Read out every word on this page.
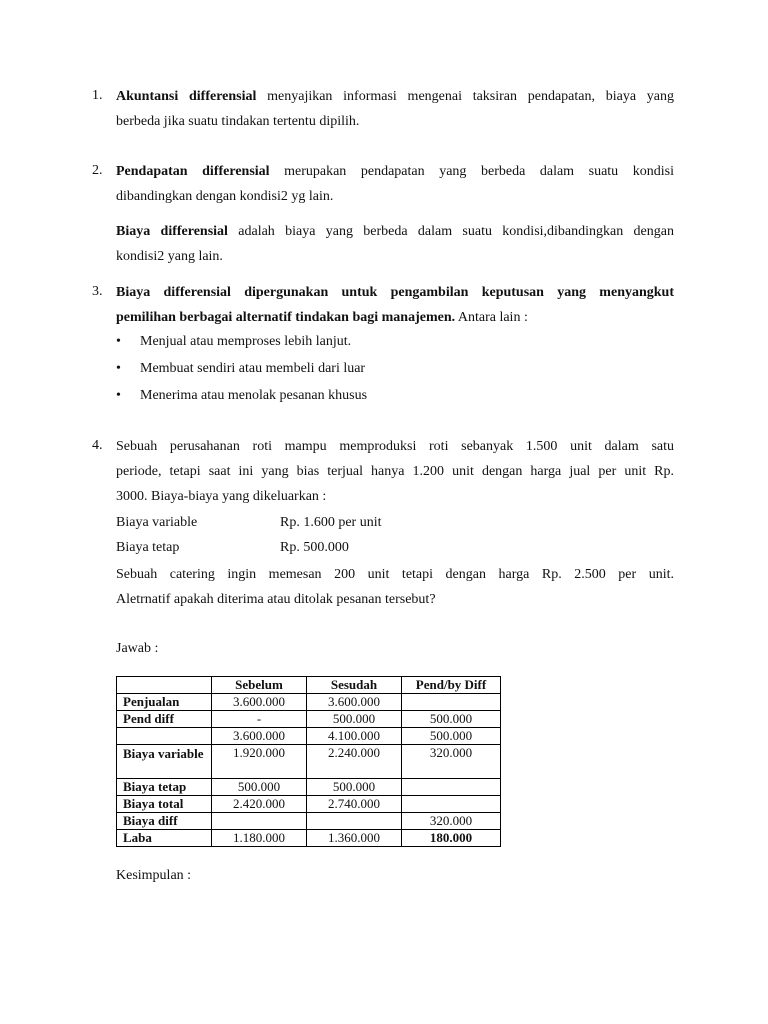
1. Akuntansi differensial menyajikan informasi mengenai taksiran pendapatan, biaya yang
berbeda jika suatu tindakan tertentu dipilih.
2. Pendapatan differensial merupakan pendapatan yang berbeda dalam suatu kondisi
dibandingkan dengan kondisi2 yg lain.
Biaya differensial adalah biaya yang berbeda dalam suatu kondisi,dibandingkan dengan
kondisi2 yang lain.
3. Biaya differensial dipergunakan untuk pengambilan keputusan yang menyangkut
pemilihan berbagai alternatif tindakan bagi manajemen. Antara lain :
• Menjual atau memproses lebih lanjut.
• Membuat sendiri atau membeli dari luar
• Menerima atau menolak pesanan khusus
4. Sebuah perusahanan roti mampu memproduksi roti sebanyak 1.500 unit dalam satu
periode, tetapi saat ini yang bias terjual hanya 1.200 unit dengan harga jual per unit Rp.
3000. Biaya-biaya yang dikeluarkan :
Biaya variable	Rp. 1.600 per unit
Biaya tetap	Rp. 500.000
Sebuah catering ingin memesan 200 unit tetapi dengan harga Rp. 2.500 per unit.
Aletrnatif apakah diterima atau ditolak pesanan tersebut?
Jawab :
	Sebelum	Sesudah	Pend/by Diff
Penjualan	3.600.000	3.600.000	
Pend diff	-	500.000	500.000
	3.600.000	4.100.000	500.000
Biaya variable	1.920.000	2.240.000	320.000
Biaya tetap	500.000	500.000	
Biaya total	2.420.000	2.740.000	
Biaya diff			320.000
Laba	1.180.000	1.360.000	180.000
Kesimpulan :
